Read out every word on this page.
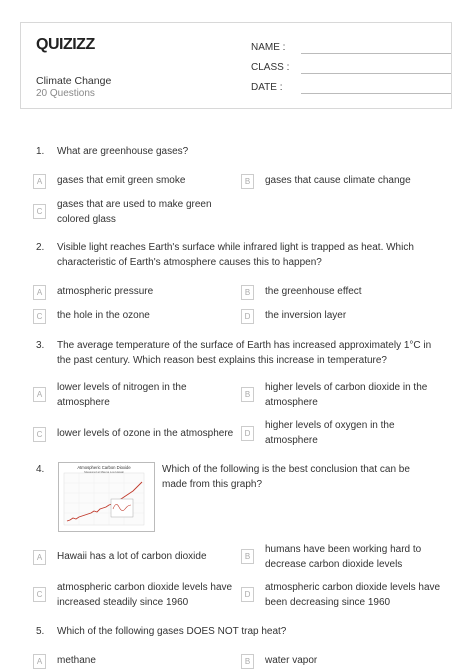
QUIZIZZ
Climate Change
20 Questions
NAME :
CLASS :
DATE :
1. What are greenhouse gases?
A	gases that emit green smoke	B	gases that cause climate change
C
gases that are used to make green colored glass
2. Visible light reaches Earth's surface while infrared light is trapped as heat. Which characteristic of Earth's atmosphere causes this to happen?
A	atmospheric pressure	B	the greenhouse effect
C	the hole in the ozone	D	the inversion layer
3. The average temperature of the surface of Earth has increased approximately 1°C in the past century. Which reason best explains this increase in temperature?
A
lower levels of nitrogen in the atmosphere
B
higher levels of carbon dioxide in the atmosphere
C	lower levels of ozone in the atmosphere	D
higher levels of oxygen in the atmosphere
4.	Which of the following is the best conclusion that can be made from this graph?
Atmospheric Carbon Dioxide
Measured at Mauna Loa Hawaii
A	Hawaii has a lot of carbon dioxide	B
humans have been working hard to decrease carbon dioxide levels
C
atmospheric carbon dioxide levels have increased steadily since 1960
D
atmospheric carbon dioxide levels have been decreasing since 1960
5. Which of the following gases DOES NOT trap heat?
A	methane	B	water vapor
